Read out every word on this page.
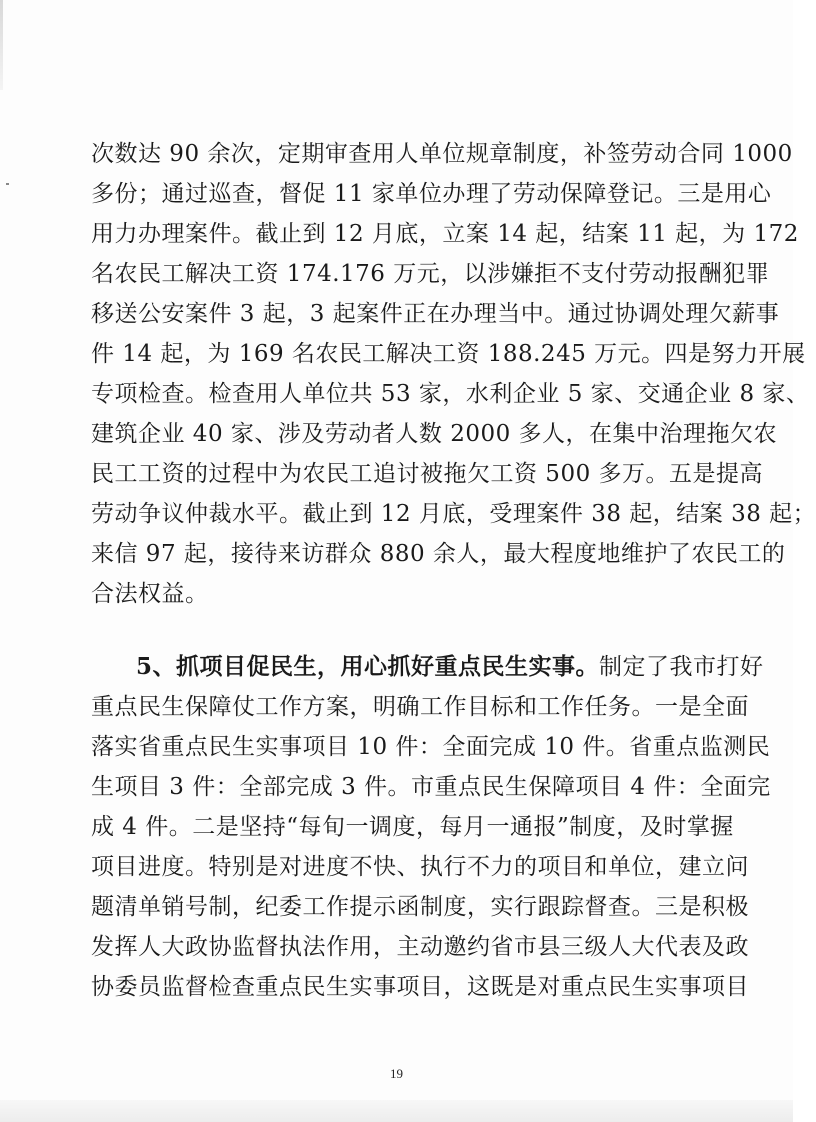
次数达 90 余次，定期审查用人单位规章制度，补签劳动合同 1000
多份；通过巡查，督促 11 家单位办理了劳动保障登记。三是用心
用力办理案件。截止到 12 月底，立案 14 起，结案 11 起，为 172
名农民工解决工资 174.176 万元，以涉嫌拒不支付劳动报酬犯罪
移送公安案件 3 起，3 起案件正在办理当中。通过协调处理欠薪事
件 14 起，为 169 名农民工解决工资 188.245 万元。四是努力开展
专项检查。检查用人单位共 53 家，水利企业 5 家、交通企业 8 家、
建筑企业 40 家、涉及劳动者人数 2000 多人，在集中治理拖欠农
民工工资的过程中为农民工追讨被拖欠工资 500 多万。五是提高
劳动争议仲裁水平。截止到 12 月底，受理案件 38 起，结案 38 起；
来信 97 起，接待来访群众 880 余人，最大程度地维护了农民工的
合法权益。
5、抓项目促民生，用心抓好重点民生实事。制定了我市打好
重点民生保障仗工作方案，明确工作目标和工作任务。一是全面
落实省重点民生实事项目 10 件：全面完成 10 件。省重点监测民
生项目 3 件：全部完成 3 件。市重点民生保障项目 4 件：全面完
成 4 件。二是坚持“每旬一调度，每月一通报”制度，及时掌握
项目进度。特别是对进度不快、执行不力的项目和单位，建立问
题清单销号制，纪委工作提示函制度，实行跟踪督查。三是积极
发挥人大政协监督执法作用，主动邀约省市县三级人大代表及政
协委员监督检查重点民生实事项目，这既是对重点民生实事项目
19
